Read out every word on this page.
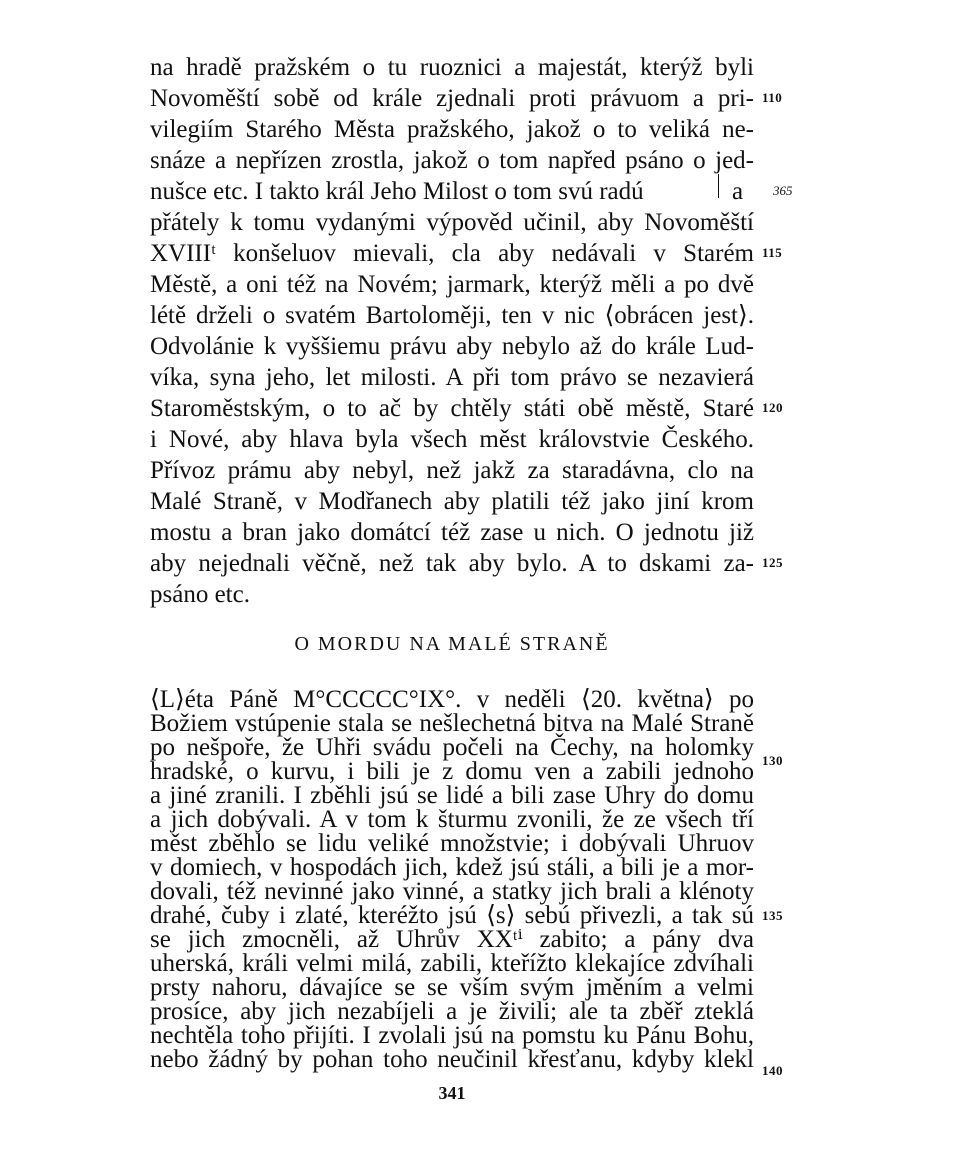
na hradě pražském o tu ruoznici a majestát, kterýž byli
Novoměští sobě od krále zjednali proti právuom a pri-
vilegiím Starého Města pražského, jakož o to veliká ne-
snáze a nepřízen zrostla, jakož o tom napřed psáno o jed-
nušce etc. I takto král Jeho Milost o tom svú radú	a
přátely k tomu vydanými výpověd učinil, aby Novoměští
XVIIIᵗ konšeluov mievali, cla aby nedávali v Starém
Městě, a oni též na Novém; jarmark, kterýž měli a po dvě
létě drželi o svatém Bartoloměji, ten v nic ⟨obrácen jest⟩.
Odvolánie k vyššiemu právu aby nebylo až do krále Lud-
víka, syna jeho, let milosti. A při tom právo se nezavierá
Staroměstským, o to ač by chtěly státi obě městě, Staré
i Nové, aby hlava byla všech měst královstvie Českého.
Přívoz prámu aby nebyl, než jakž za staradávna, clo na
Malé Straně, v Modřanech aby platili též jako jiní krom
mostu a bran jako domátcí též zase u nich. O jednotu již
aby nejednali věčně, než tak aby bylo. A to dskami za-
psáno etc.
O MORDU NA MALÉ STRANĚ
⟨L⟩éta Páně M°CCCCC°IX°. v neděli ⟨20. května⟩ po
Božiem vstúpenie stala se nešlechetná bitva na Malé Straně
po nešpoře, že Uhři svádu počeli na Čechy, na holomky
hradské, o kurvu, i bili je z domu ven a zabili jednoho
a jiné zranili. I zběhli jsú se lidé a bili zase Uhry do domu
a jich dobývali. A v tom k šturmu zvonili, že ze všech tří
měst zběhlo se lidu veliké množstvie; i dobývali Uhruov
v domiech, v hospodách jich, kdež jsú stáli, a bili je a mor-
dovali, též nevinné jako vinné, a statky jich brali a klénoty
drahé, čuby i zlaté, kteréžto jsú ⟨s⟩ sebú přivezli, a tak sú
se jich zmocněli, až Uhrův XXᵗⁱ zabito; a pány dva
uherská, králi velmi milá, zabili, kteřížto klekajíce zdvíhali
prsty nahoru, dávajíce se se vším svým jměním a velmi
110
115
120
125
130
135
140
365
341
prosíce, aby jich nezabíjeli a je živili; ale ta zběř zteklá
nechtěla toho přijíti. I zvolali jsú na pomstu ku Pánu Bohu,
nebo žádný by pohan toho neučinil křesťanu, kdyby klekl
